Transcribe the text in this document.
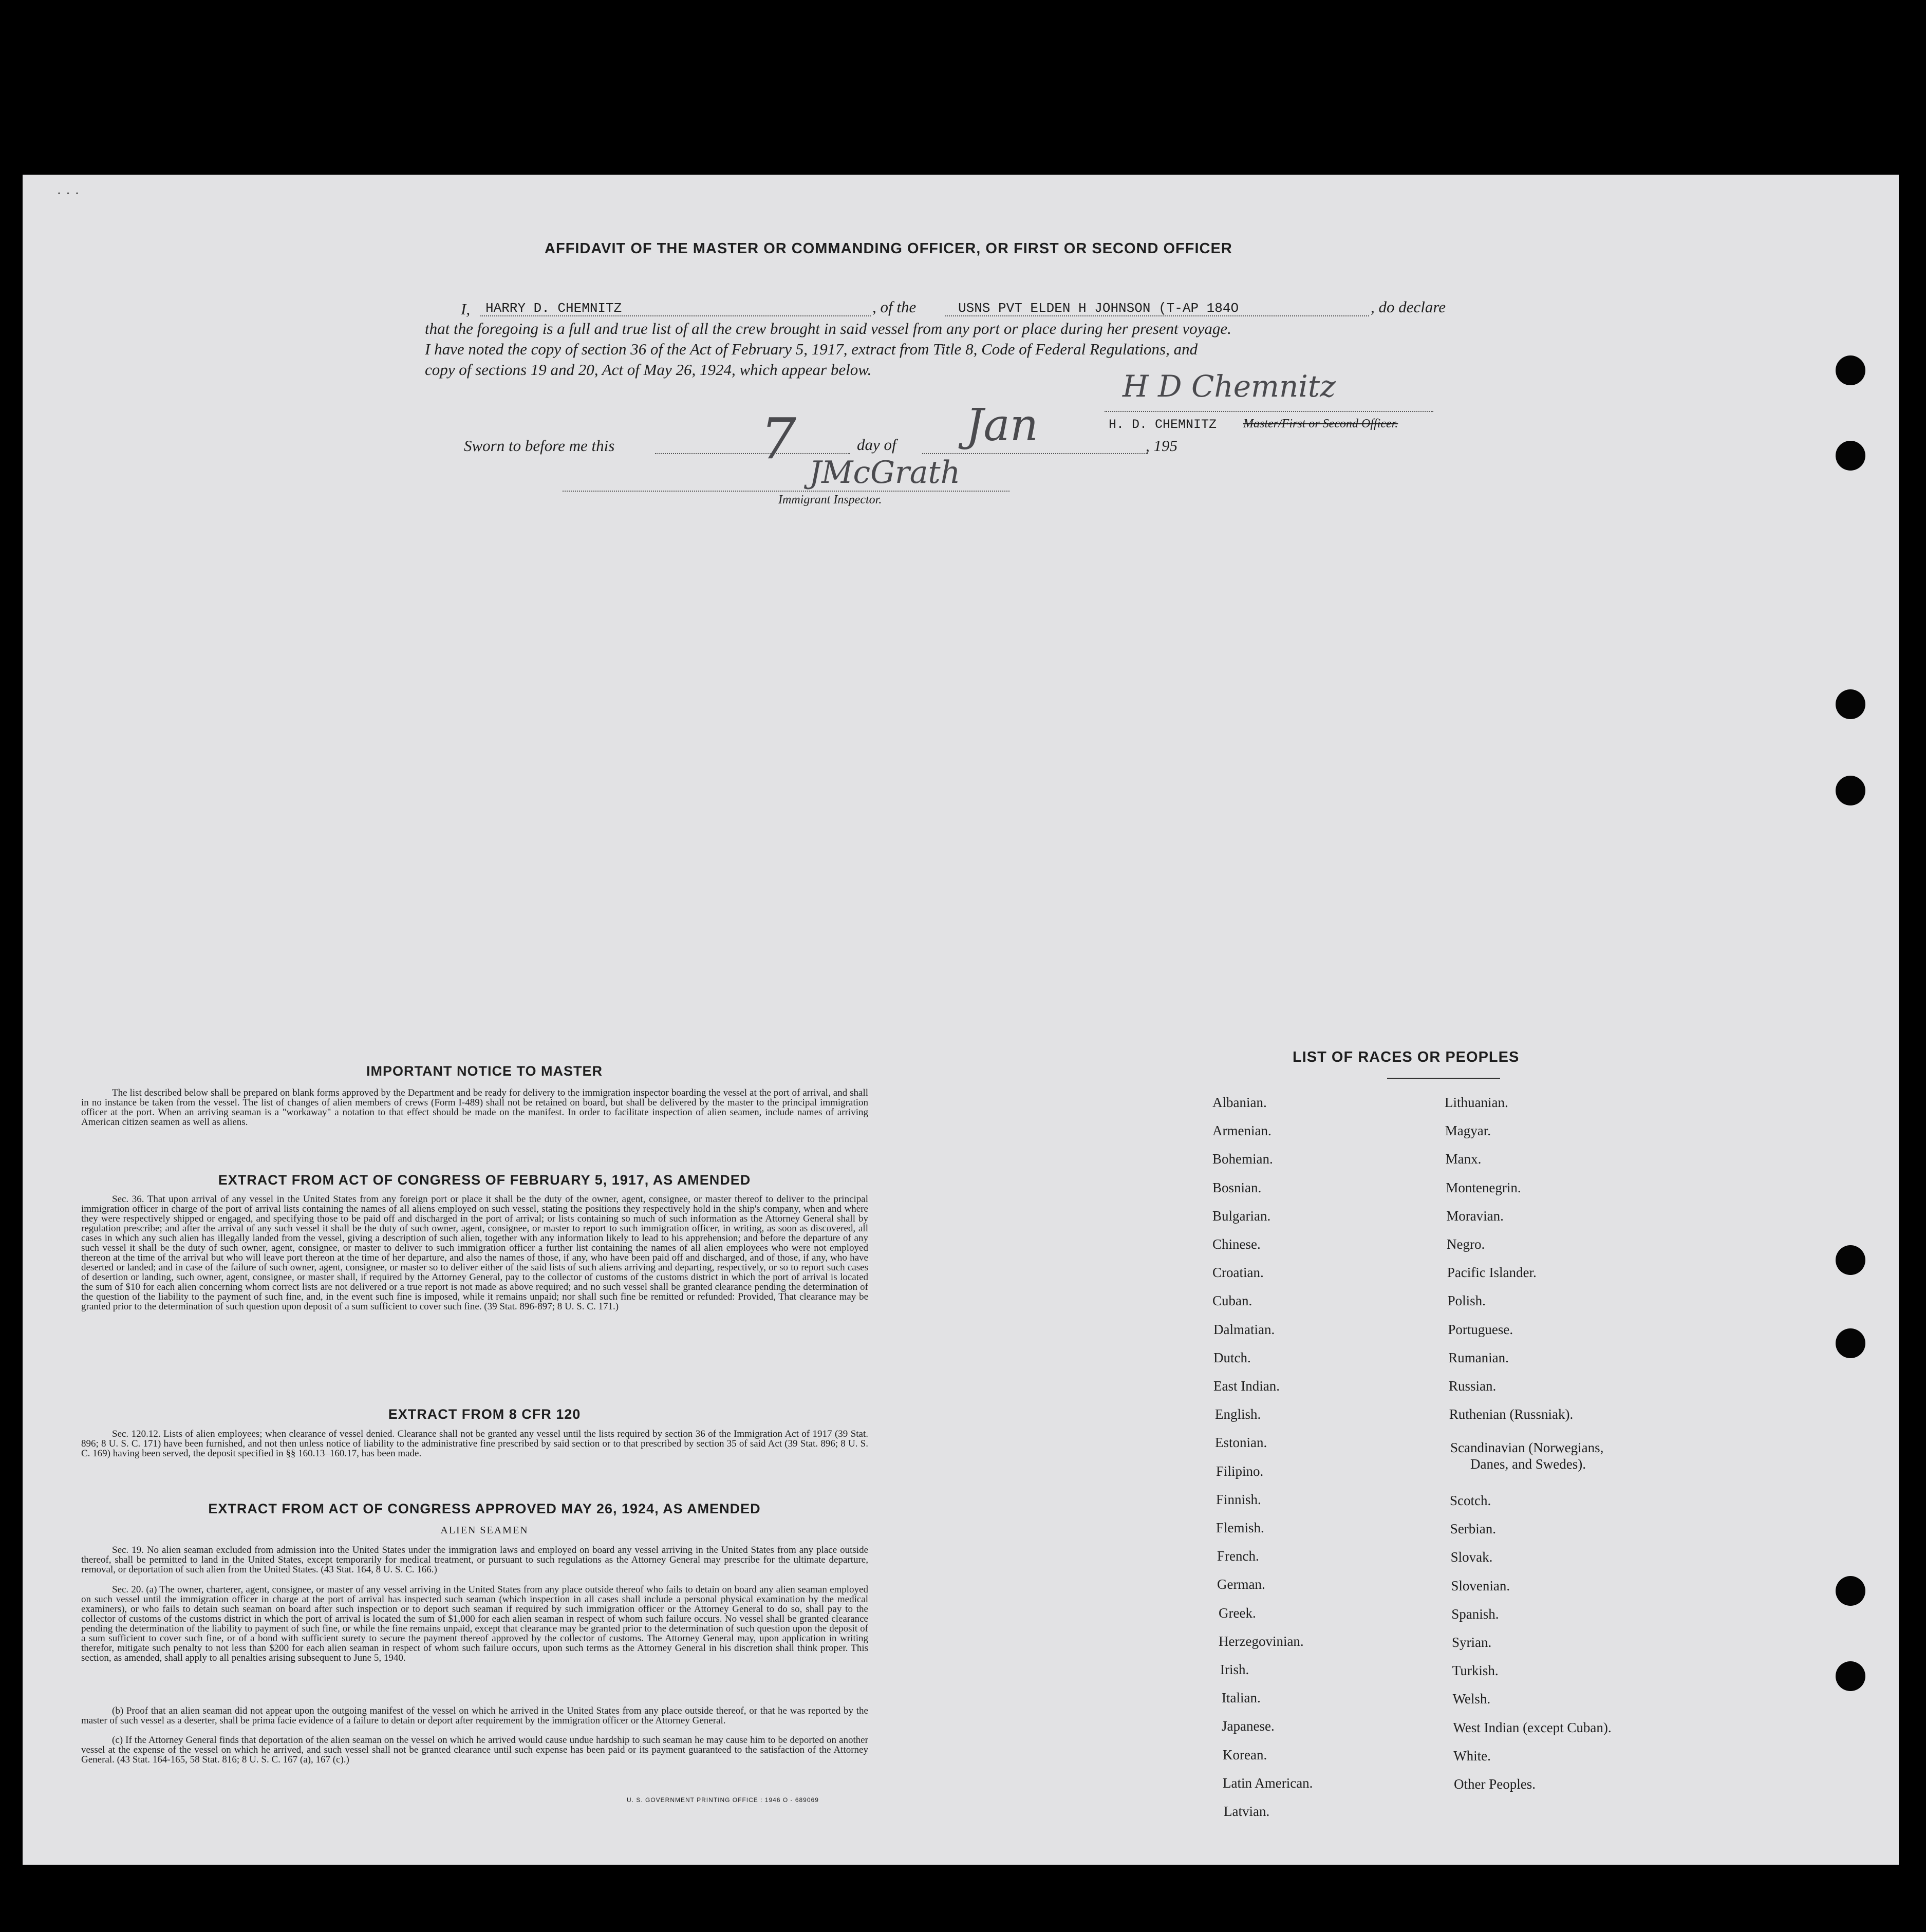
· · ·
AFFIDAVIT OF THE MASTER OR COMMANDING OFFICER, OR FIRST OR SECOND OFFICER
I, HARRY D. CHEMNITZ	, of the	USNS PVT ELDEN H JOHNSON (T-AP 184O	, do declare
that the foregoing is a full and true list of all the crew brought in said vessel from any port or place during her present voyage.
I have noted the copy of section 36 of the Act of February 5, 1917, extract from Title 8, Code of Federal Regulations, and
copy of sections 19 and 20, Act of May 26, 1924, which appear below.	H D Chemnitz
H. D. CHEMNITZ Master/First or Second Officer.
Sworn to before me this	7	day of Jan	, 195
JMcGrath
Immigrant Inspector.
IMPORTANT NOTICE TO MASTER
The list described below shall be prepared on blank forms approved by the Department and be ready for delivery to the immigration inspector boarding the vessel at the port of arrival, and shall in no instance be taken from the vessel. The list of changes of alien members of crews (Form I-489) shall not be retained on board, but shall be delivered by the master to the principal immigration officer at the port. When an arriving seaman is a "workaway" a notation to that effect should be made on the manifest. In order to facilitate inspection of alien seamen, include names of arriving American citizen seamen as well as aliens.
EXTRACT FROM ACT OF CONGRESS OF FEBRUARY 5, 1917, AS AMENDED
Sec. 36. That upon arrival of any vessel in the United States from any foreign port or place it shall be the duty of the owner, agent, consignee, or master thereof to deliver to the principal immigration officer in charge of the port of arrival lists containing the names of all aliens employed on such vessel, stating the positions they respectively hold in the ship's company, when and where they were respectively shipped or engaged, and specifying those to be paid off and discharged in the port of arrival; or lists containing so much of such information as the Attorney General shall by regulation prescribe; and after the arrival of any such vessel it shall be the duty of such owner, agent, consignee, or master to report to such immigration officer, in writing, as soon as discovered, all cases in which any such alien has illegally landed from the vessel, giving a description of such alien, together with any information likely to lead to his apprehension; and before the departure of any such vessel it shall be the duty of such owner, agent, consignee, or master to deliver to such immigration officer a further list containing the names of all alien employees who were not employed thereon at the time of the arrival but who will leave port thereon at the time of her departure, and also the names of those, if any, who have been paid off and discharged, and of those, if any, who have deserted or landed; and in case of the failure of such owner, agent, consignee, or master so to deliver either of the said lists of such aliens arriving and departing, respectively, or so to report such cases of desertion or landing, such owner, agent, consignee, or master shall, if required by the Attorney General, pay to the collector of customs of the customs district in which the port of arrival is located the sum of $10 for each alien concerning whom correct lists are not delivered or a true report is not made as above required; and no such vessel shall be granted clearance pending the determination of the question of the liability to the payment of such fine, and, in the event such fine is imposed, while it remains unpaid; nor shall such fine be remitted or refunded: Provided, That clearance may be granted prior to the determination of such question upon deposit of a sum sufficient to cover such fine. (39 Stat. 896-897; 8 U. S. C. 171.)
EXTRACT FROM 8 CFR 120
Sec. 120.12. Lists of alien employees; when clearance of vessel denied. Clearance shall not be granted any vessel until the lists required by section 36 of the Immigration Act of 1917 (39 Stat. 896; 8 U. S. C. 171) have been furnished, and not then unless notice of liability to the administrative fine prescribed by said section or to that prescribed by section 35 of said Act (39 Stat. 896; 8 U. S. C. 169) having been served, the deposit specified in §§ 160.13–160.17, has been made.
EXTRACT FROM ACT OF CONGRESS APPROVED MAY 26, 1924, AS AMENDED
ALIEN SEAMEN
Sec. 19. No alien seaman excluded from admission into the United States under the immigration laws and employed on board any vessel arriving in the United States from any place outside thereof, shall be permitted to land in the United States, except temporarily for medical treatment, or pursuant to such regulations as the Attorney General may prescribe for the ultimate departure, removal, or deportation of such alien from the United States. (43 Stat. 164, 8 U. S. C. 166.)
Sec. 20. (a) The owner, charterer, agent, consignee, or master of any vessel arriving in the United States from any place outside thereof who fails to detain on board any alien seaman employed on such vessel until the immigration officer in charge at the port of arrival has inspected such seaman (which inspection in all cases shall include a personal physical examination by the medical examiners), or who fails to detain such seaman on board after such inspection or to deport such seaman if required by such immigration officer or the Attorney General to do so, shall pay to the collector of customs of the customs district in which the port of arrival is located the sum of $1,000 for each alien seaman in respect of whom such failure occurs. No vessel shall be granted clearance pending the determination of the liability to payment of such fine, or while the fine remains unpaid, except that clearance may be granted prior to the determination of such question upon the deposit of a sum sufficient to cover such fine, or of a bond with sufficient surety to secure the payment thereof approved by the collector of customs. The Attorney General may, upon application in writing therefor, mitigate such penalty to not less than $200 for each alien seaman in respect of whom such failure occurs, upon such terms as the Attorney General in his discretion shall think proper. This section, as amended, shall apply to all penalties arising subsequent to June 5, 1940.
(b) Proof that an alien seaman did not appear upon the outgoing manifest of the vessel on which he arrived in the United States from any place outside thereof, or that he was reported by the master of such vessel as a deserter, shall be prima facie evidence of a failure to detain or deport after requirement by the immigration officer or the Attorney General.
(c) If the Attorney General finds that deportation of the alien seaman on the vessel on which he arrived would cause undue hardship to such seaman he may cause him to be deported on another vessel at the expense of the vessel on which he arrived, and such vessel shall not be granted clearance until such expense has been paid or its payment guaranteed to the satisfaction of the Attorney General. (43 Stat. 164-165, 58 Stat. 816; 8 U. S. C. 167 (a), 167 (c).)
U. S. GOVERNMENT PRINTING OFFICE : 1946 O - 689069
LIST OF RACES OR PEOPLES
Albanian.
Armenian.
Bohemian.
Bosnian.
Bulgarian.
Chinese.
Croatian.
Cuban.
Dalmatian.
Dutch.
East Indian.
English.
Estonian.
Filipino.
Finnish.
Flemish.
French.
German.
Greek.
Herzegovinian.
Irish.
Italian.
Japanese.
Korean.
Latin American.
Latvian.
Lithuanian.
Magyar.
Manx.
Montenegrin.
Moravian.
Negro.
Pacific Islander.
Polish.
Portuguese.
Rumanian.
Russian.
Ruthenian (Russniak).
Scotch.
Serbian.
Slovak.
Slovenian.
Spanish.
Syrian.
Turkish.
Welsh.
West Indian (except Cuban).
White.
Other Peoples.
Scandinavian (Norwegians,
Danes, and Swedes).
